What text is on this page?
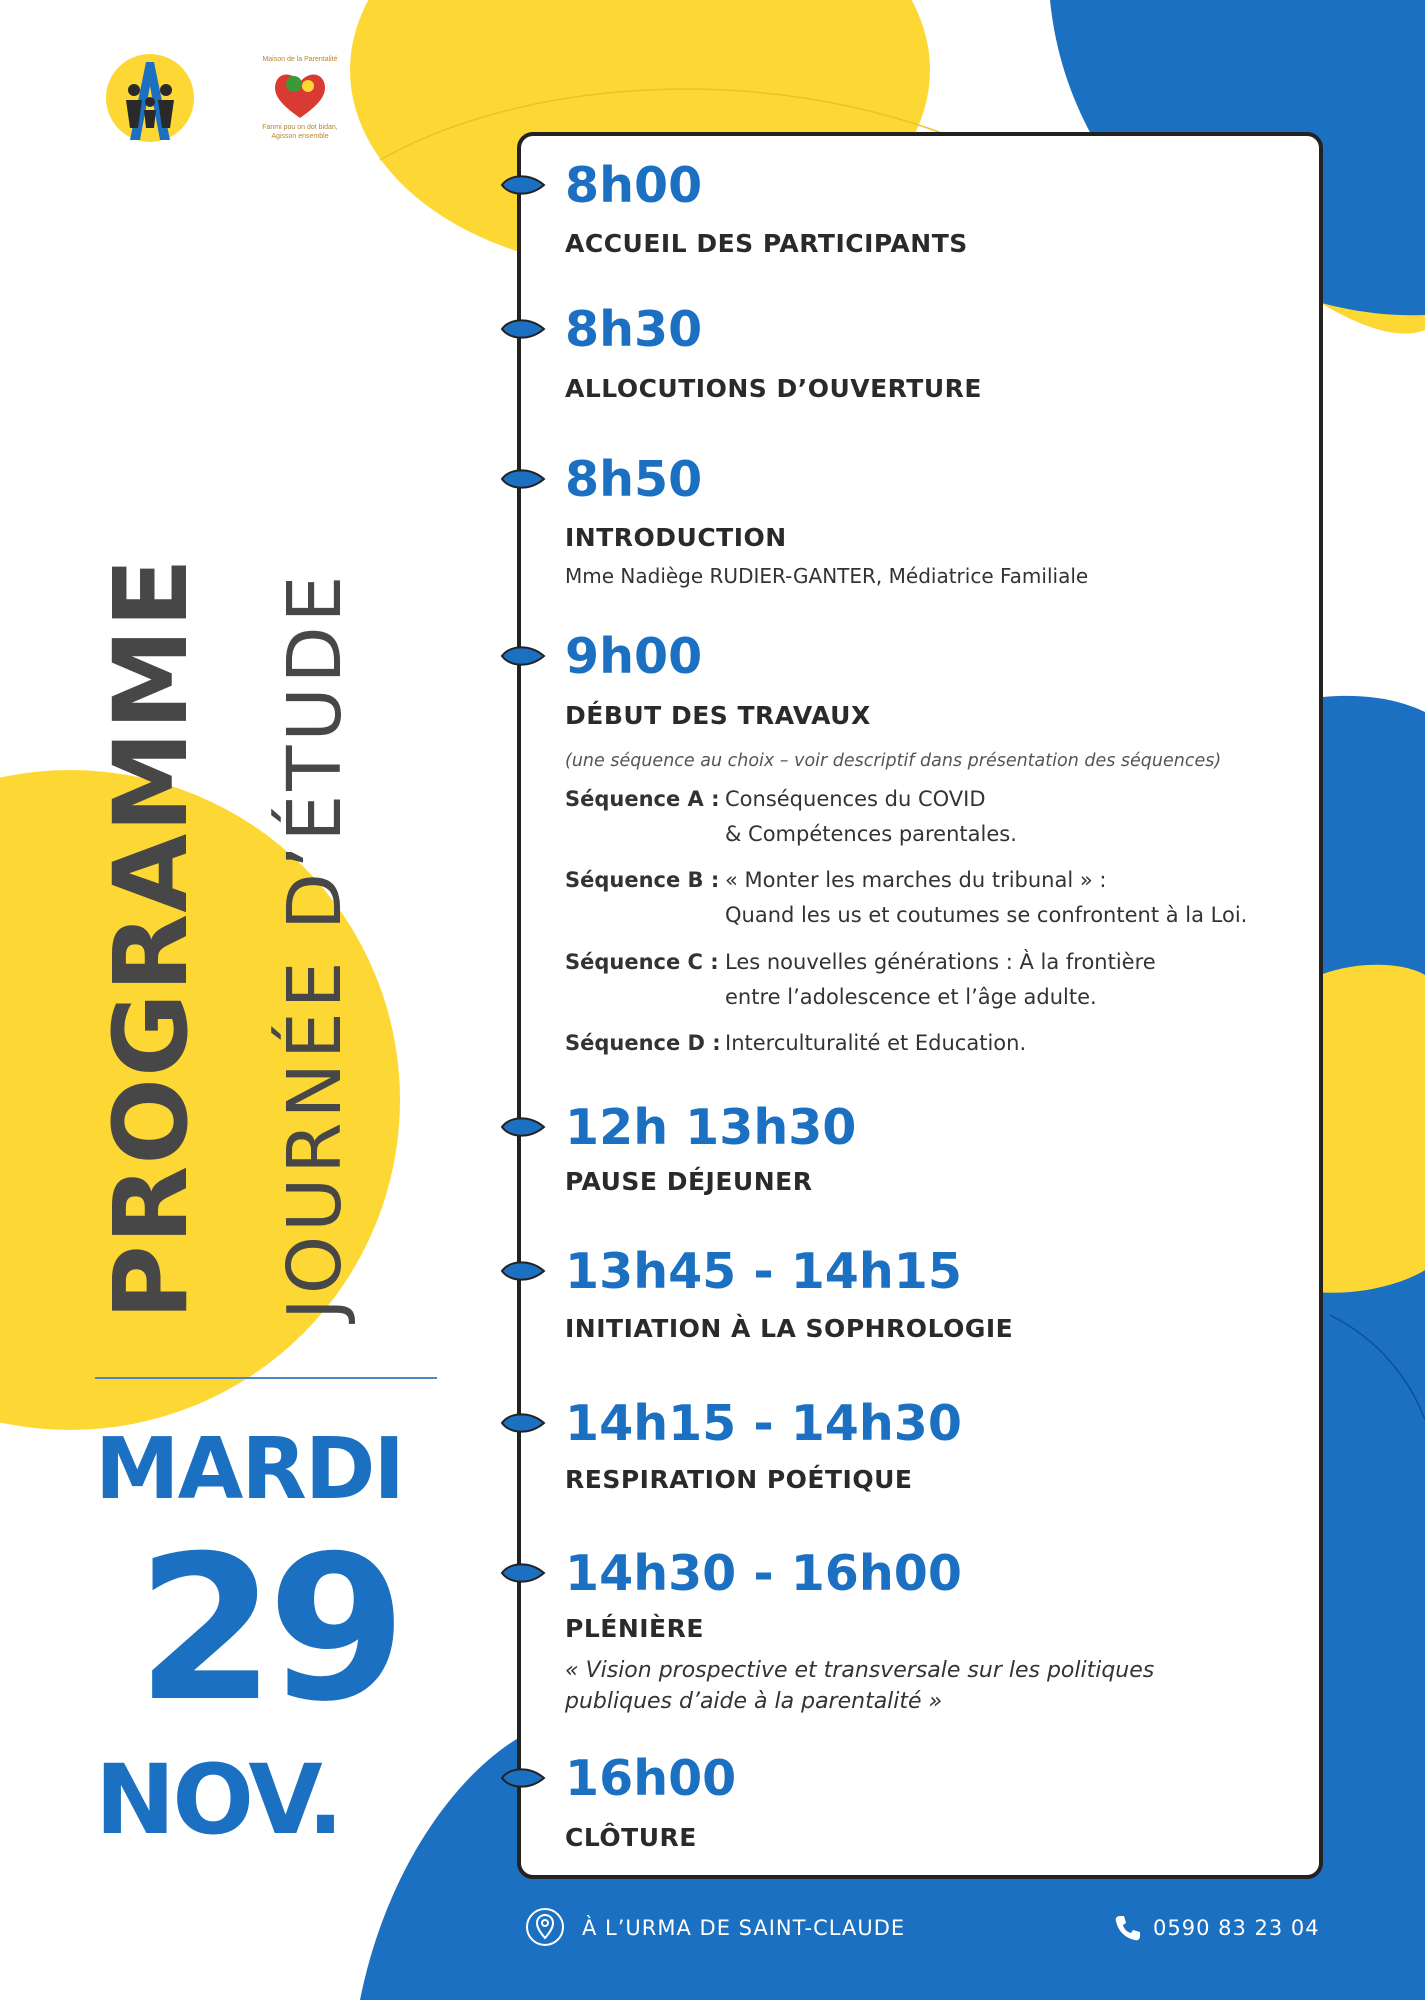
Maison de la Parentalité
Fanmi pou on dot bidan,
Agisson ensemble
PROGRAMME JOURNÉE D’ÉTUDE
MARDI
29
NOV.
8h00
ACCUEIL DES PARTICIPANTS
8h30
ALLOCUTIONS D’OUVERTURE
8h50
INTRODUCTION
Mme Nadiège RUDIER-GANTER, Médiatrice Familiale
9h00
DÉBUT DES TRAVAUX
(une séquence au choix – voir descriptif dans présentation des séquences)
Séquence A : Conséquences du COVID
& Compétences parentales.
Séquence B : « Monter les marches du tribunal » :
Quand les us et coutumes se confrontent à la Loi.
Séquence C : Les nouvelles générations : À la frontière
entre l’adolescence et l’âge adulte.
Séquence D : Interculturalité et Education.
12h 13h30
PAUSE DÉJEUNER
13h45 - 14h15
INITIATION À LA SOPHROLOGIE
14h15 - 14h30
RESPIRATION POÉTIQUE
14h30 - 16h00
PLÉNIÈRE
« Vision prospective et transversale sur les politiques
publiques d’aide à la parentalité »
16h00
CLÔTURE
À L’URMA DE SAINT-CLAUDE	0590 83 23 04
